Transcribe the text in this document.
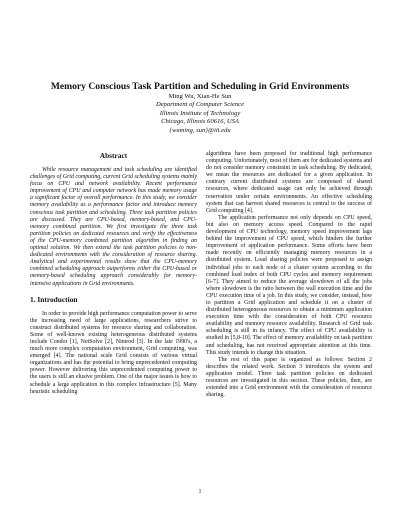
Memory Conscious Task Partition and Scheduling in Grid Environments
Ming Wu, Xian-He Sun
Department of Computer Science
Illinois Institute of Technology
Chicago, Illinois 60616, USA
{wuming, sun}@iit.edu
Abstract

While resource management and task scheduling are identified challenges of Grid computing, current Grid scheduling systems mainly focus on CPU and network availability. Recent performance improvement of CPU and computer network has made memory usage a significant factor of overall performance. In this study, we consider memory availability as a performance factor and introduce memory conscious task partition and scheduling. Three task partition policies are discussed. They are CPU-based, memory-based, and CPU-memory combined partition. We first investigate the three task partition policies on dedicated resources and verify the effectiveness of the CPU-memory combined partition algorithm in finding an optimal solution. We then extend the task partition policies to non-dedicated environments with the consideration of resource sharing. Analytical and experimental results show that the CPU-memory combined scheduling approach outperforms either the CPU-based or memory-based scheduling approach considerably for memory-intensive applications in Grid environments.

1. Introduction

In order to provide high performance computation power to serve the increasing need of large applications, researchers strive to construct distributed systems for resource sharing and collaboration. Some of well-known existing heterogeneous distributed systems include Condor [1], NetSolve [2], Nimrod [3]. In the late 1990's, a much more complex computation environment, Grid computing, was emerged [4]. The national scale Grid consists of various virtual organizations and has the potential to bring unprecedented computing power. However delivering this unprecedented computing power to the users is still an elusive problem. One of the major issues is how to schedule a large application in this complex infrastructure [5]. Many heuristic scheduling

algorithms have been proposed for traditional high performance computing. Unfortunately, most of them are for dedicated systems and do not consider memory constraint in task scheduling. By dedicated, we mean the resources are dedicated for a given application. In contrary current distributed systems are composed of shared resources, where dedicated usage can only be achieved through reservation under certain environments. An effective scheduling system that can harvest shared resources is central to the success of Grid computing [4].

The application performance not only depends on CPU speed, but also on memory access speed. Compared to the rapid development of CPU technology, memory speed improvement lags behind the improvement of CPU speed, which hinders the further improvement of application performance. Some efforts have been made recently on efficiently managing memory resources in a distributed system. Load sharing policies were proposed to assign individual jobs to each node of a cluster system according to the combined load index of both CPU cycles and memory requirement [6-7]. They aimed to reduce the average slowdown of all the jobs where slowdown is the ratio between the wall execution time and the CPU execution time of a job. In this study, we consider, instead, how to partition a Grid application and schedule it on a cluster of distributed heterogeneous resources to obtain a minimum application execution time with the consideration of both CPU resource availability and memory resource availability. Research of Grid task scheduling is still in its infancy. The effect of CPU availability is studied in [5,8-10]. The effect of memory availability on task partition and scheduling, has not received appropriate attention at this time. This study intends to change this situation.

The rest of this paper is organized as follows: Section 2 describes the related work. Section 3 introduces the system and application model. Three task partition policies on dedicated resources are investigated in this section. These policies, then, are extended into a Grid environment with the consideration of resource sharing.

1
